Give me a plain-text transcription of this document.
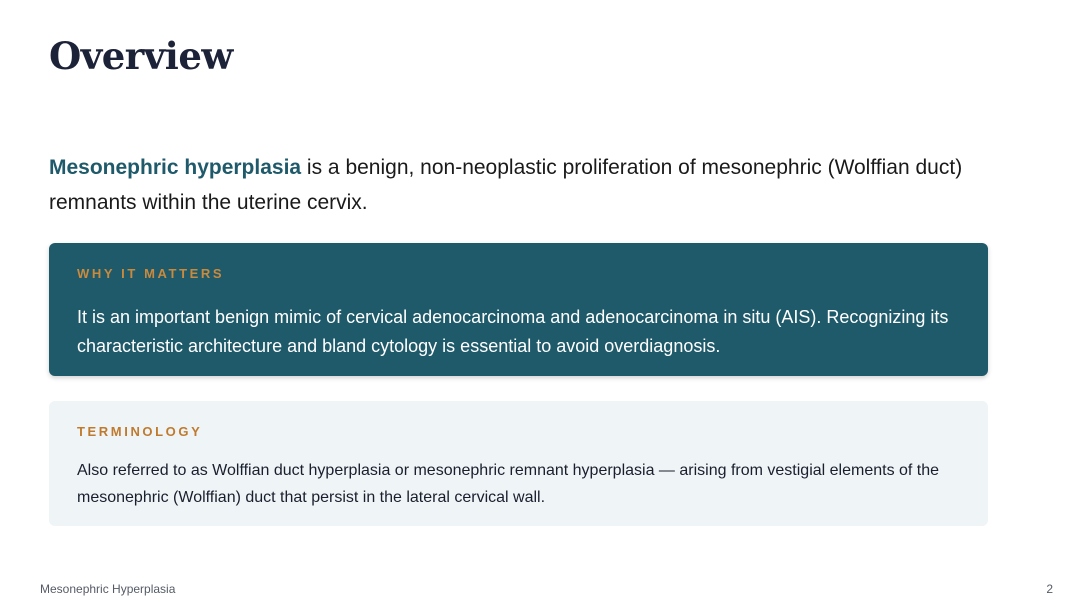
Overview

Mesonephric hyperplasia is a benign, non-neoplastic proliferation of mesonephric (Wolffian duct) remnants within the uterine cervix.

WHY IT MATTERS

It is an important benign mimic of cervical adenocarcinoma and adenocarcinoma in situ (AIS). Recognizing its characteristic architecture and bland cytology is essential to avoid overdiagnosis.

TERMINOLOGY

Also referred to as Wolffian duct hyperplasia or mesonephric remnant hyperplasia — arising from vestigial elements of the mesonephric (Wolffian) duct that persist in the lateral cervical wall.

Mesonephric Hyperplasia	2
